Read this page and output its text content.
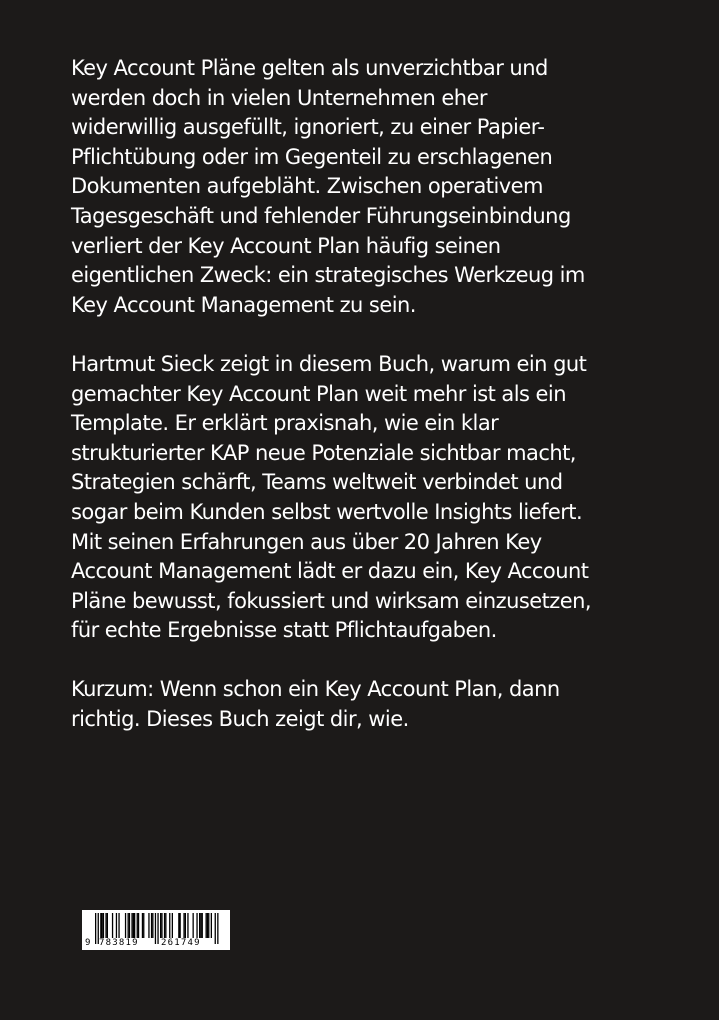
Key Account Pläne gelten als unverzichtbar und
werden doch in vielen Unternehmen eher
widerwillig ausgefüllt, ignoriert, zu einer Papier-
Pflichtübung oder im Gegenteil zu erschlagenen
Dokumenten aufgebläht. Zwischen operativem
Tagesgeschäft und fehlender Führungseinbindung
verliert der Key Account Plan häufig seinen
eigentlichen Zweck: ein strategisches Werkzeug im
Key Account Management zu sein.

Hartmut Sieck zeigt in diesem Buch, warum ein gut
gemachter Key Account Plan weit mehr ist als ein
Template. Er erklärt praxisnah, wie ein klar
strukturierter KAP neue Potenziale sichtbar macht,
Strategien schärft, Teams weltweit verbindet und
sogar beim Kunden selbst wertvolle Insights liefert.
Mit seinen Erfahrungen aus über 20 Jahren Key
Account Management lädt er dazu ein, Key Account
Pläne bewusst, fokussiert und wirksam einzusetzen,
für echte Ergebnisse statt Pflichtaufgaben.

Kurzum: Wenn schon ein Key Account Plan, dann
richtig. Dieses Buch zeigt dir, wie.

9 783819 261749
